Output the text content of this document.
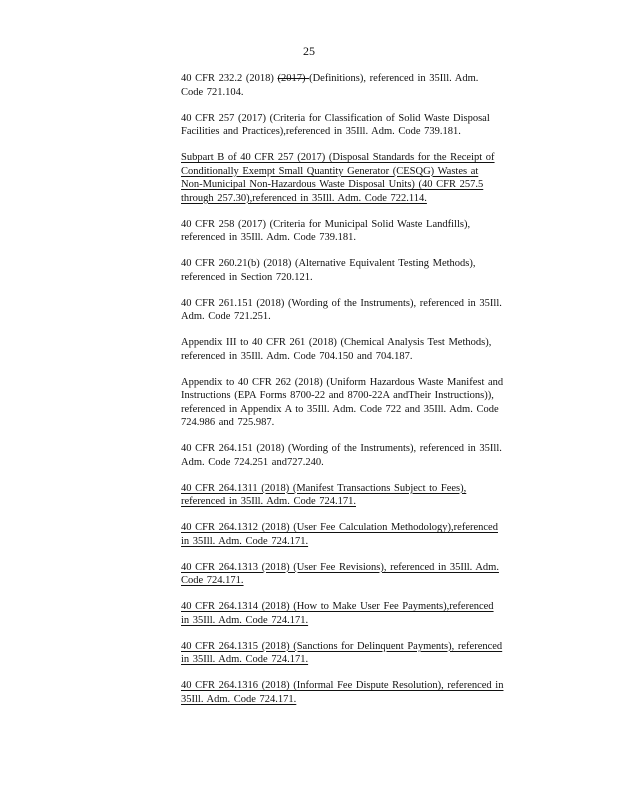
25
40 CFR 232.2 (2018) (2017) (Definitions), referenced in 35Ill. Adm.
Code 721.104.
40 CFR 257 (2017) (Criteria for Classification of Solid Waste Disposal
Facilities and Practices),referenced in 35Ill. Adm. Code 739.181.
Subpart B of 40 CFR 257 (2017) (Disposal Standards for the Receipt of
Conditionally Exempt Small Quantity Generator (CESQG) Wastes at
Non-Municipal Non-Hazardous Waste Disposal Units) (40 CFR 257.5
through 257.30),referenced in 35Ill. Adm. Code 722.114.
40 CFR 258 (2017) (Criteria for Municipal Solid Waste Landfills),
referenced in 35Ill. Adm. Code 739.181.
40 CFR 260.21(b) (2018) (Alternative Equivalent Testing Methods),
referenced in Section 720.121.
40 CFR 261.151 (2018) (Wording of the Instruments), referenced in 35Ill.
Adm. Code 721.251.
Appendix III to 40 CFR 261 (2018) (Chemical Analysis Test Methods),
referenced in 35Ill. Adm. Code 704.150 and 704.187.
Appendix to 40 CFR 262 (2018) (Uniform Hazardous Waste Manifest and
Instructions (EPA Forms 8700-22 and 8700-22A andTheir Instructions)),
referenced in Appendix A to 35Ill. Adm. Code 722 and 35Ill. Adm. Code
724.986 and 725.987.
40 CFR 264.151 (2018) (Wording of the Instruments), referenced in 35Ill.
Adm. Code 724.251 and727.240.
40 CFR 264.1311 (2018) (Manifest Transactions Subject to Fees),
referenced in 35Ill. Adm. Code 724.171.
40 CFR 264.1312 (2018) (User Fee Calculation Methodology),referenced
in 35Ill. Adm. Code 724.171.
40 CFR 264.1313 (2018) (User Fee Revisions), referenced in 35Ill. Adm.
Code 724.171.
40 CFR 264.1314 (2018) (How to Make User Fee Payments),referenced
in 35Ill. Adm. Code 724.171.
40 CFR 264.1315 (2018) (Sanctions for Delinquent Payments), referenced
in 35Ill. Adm. Code 724.171.
40 CFR 264.1316 (2018) (Informal Fee Dispute Resolution), referenced in
35Ill. Adm. Code 724.171.
